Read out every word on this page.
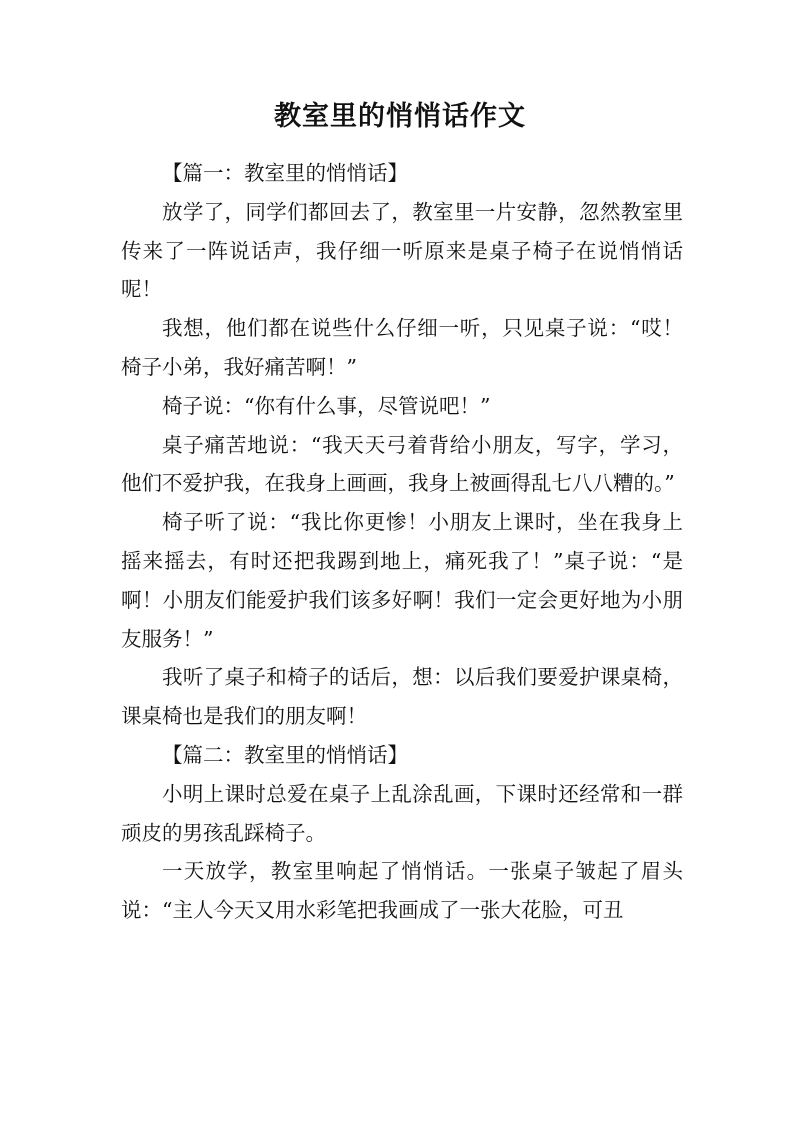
教室里的悄悄话作文

【篇一：教室里的悄悄话】

放学了，同学们都回去了，教室里一片安静，忽然教室里传来了一阵说话声，我仔细一听原来是桌子椅子在说悄悄话呢！

我想，他们都在说些什么仔细一听，只见桌子说：“哎！椅子小弟，我好痛苦啊！”

椅子说：“你有什么事，尽管说吧！”

桌子痛苦地说：“我天天弓着背给小朋友，写字，学习，他们不爱护我，在我身上画画，我身上被画得乱七八八糟的。”

椅子听了说：“我比你更惨！小朋友上课时，坐在我身上摇来摇去，有时还把我踢到地上，痛死我了！”桌子说：“是啊！小朋友们能爱护我们该多好啊！我们一定会更好地为小朋友服务！”

我听了桌子和椅子的话后，想：以后我们要爱护课桌椅，课桌椅也是我们的朋友啊！

【篇二：教室里的悄悄话】

小明上课时总爱在桌子上乱涂乱画，下课时还经常和一群顽皮的男孩乱踩椅子。

一天放学，教室里响起了悄悄话。一张桌子皱起了眉头说：“主人今天又用水彩笔把我画成了一张大花脸，可丑
